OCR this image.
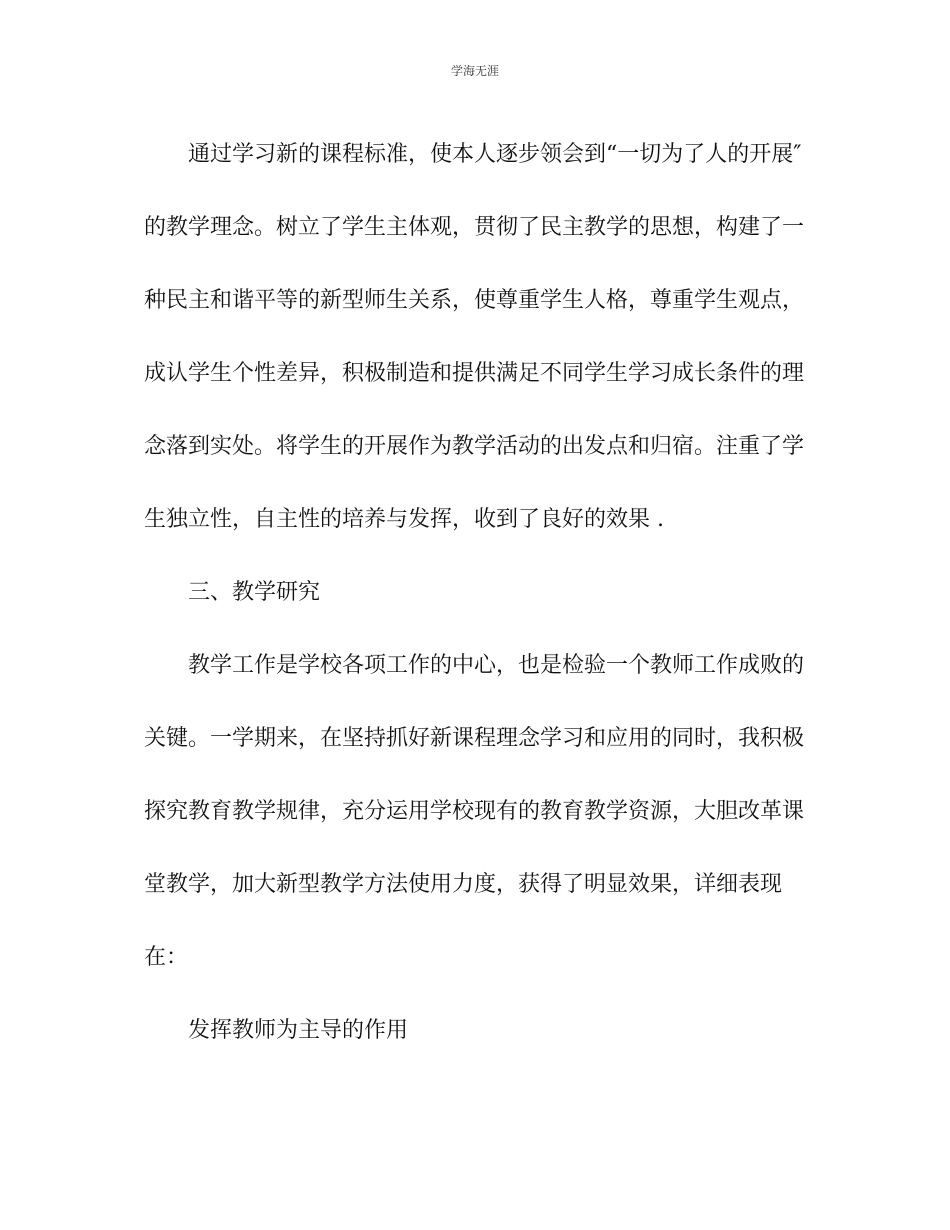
学海无涯
通过学习新的课程标准，使本人逐步领会到“一切为了人的开展″
的教学理念。树立了学生主体观，贯彻了民主教学的思想，构建了一
种民主和谐平等的新型师生关系，使尊重学生人格，尊重学生观点，
成认学生个性差异，积极制造和提供满足不同学生学习成长条件的理
念落到实处。将学生的开展作为教学活动的出发点和归宿。注重了学
生独立性，自主性的培养与发挥，收到了良好的效果 .
三、教学研究
教学工作是学校各项工作的中心，也是检验一个教师工作成败的
关键。一学期来，在坚持抓好新课程理念学习和应用的同时，我积极
探究教育教学规律，充分运用学校现有的教育教学资源，大胆改革课
堂教学，加大新型教学方法使用力度，获得了明显效果，详细表现
在：
发挥教师为主导的作用
